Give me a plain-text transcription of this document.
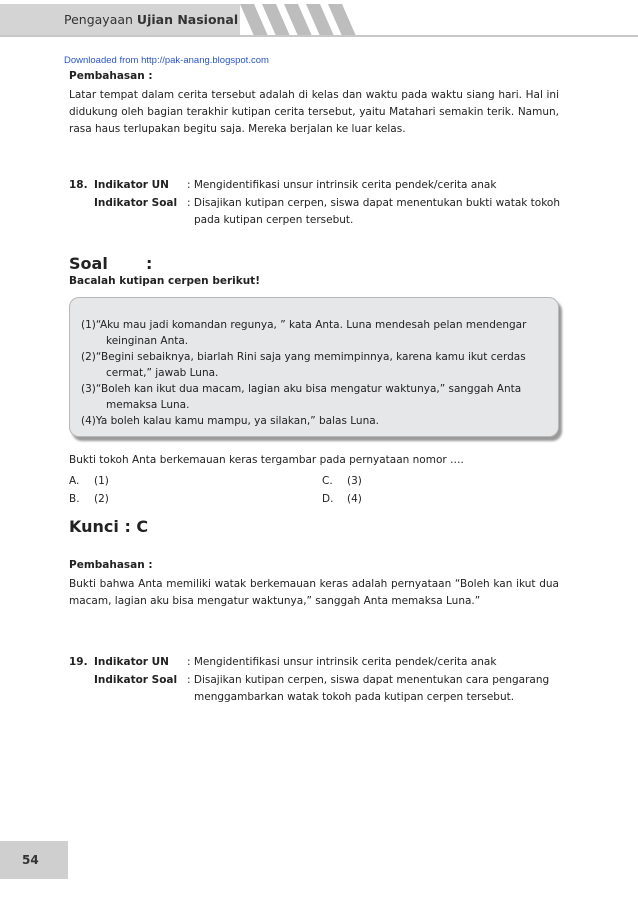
Pengayaan Ujian Nasional
Downloaded from http://pak-anang.blogspot.com
Pembahasan :
Latar tempat dalam cerita tersebut adalah di kelas dan waktu pada waktu siang hari. Hal ini didukung oleh bagian terakhir kutipan cerita tersebut, yaitu Matahari semakin terik. Namun, rasa haus terlupakan begitu saja. Mereka berjalan ke luar kelas.
18. Indikator UN : Mengidentifikasi unsur intrinsik cerita pendek/cerita anak
Indikator Soal : Disajikan kutipan cerpen, siswa dapat menentukan bukti watak tokoh
pada kutipan cerpen tersebut.
Soal :
Bacalah kutipan cerpen berikut!
(1)“Aku mau jadi komandan regunya, ” kata Anta. Luna mendesah pelan mendengar
keinginan Anta.
(2)“Begini sebaiknya, biarlah Rini saja yang memimpinnya, karena kamu ikut cerdas
cermat,” jawab Luna.
(3)“Boleh kan ikut dua macam, lagian aku bisa mengatur waktunya,” sanggah Anta
memaksa Luna.
(4)Ya boleh kalau kamu mampu, ya silakan,” balas Luna.
Bukti tokoh Anta berkemauan keras tergambar pada pernyataan nomor ….
A. (1)
B. (2)
C. (3)
D. (4)
Kunci : C
Pembahasan :
Bukti bahwa Anta memiliki watak berkemauan keras adalah pernyataan “Boleh kan ikut dua macam, lagian aku bisa mengatur waktunya,” sanggah Anta memaksa Luna.”
19. Indikator UN : Mengidentifikasi unsur intrinsik cerita pendek/cerita anak
Indikator Soal : Disajikan kutipan cerpen, siswa dapat menentukan cara pengarang
menggambarkan watak tokoh pada kutipan cerpen tersebut.
54
